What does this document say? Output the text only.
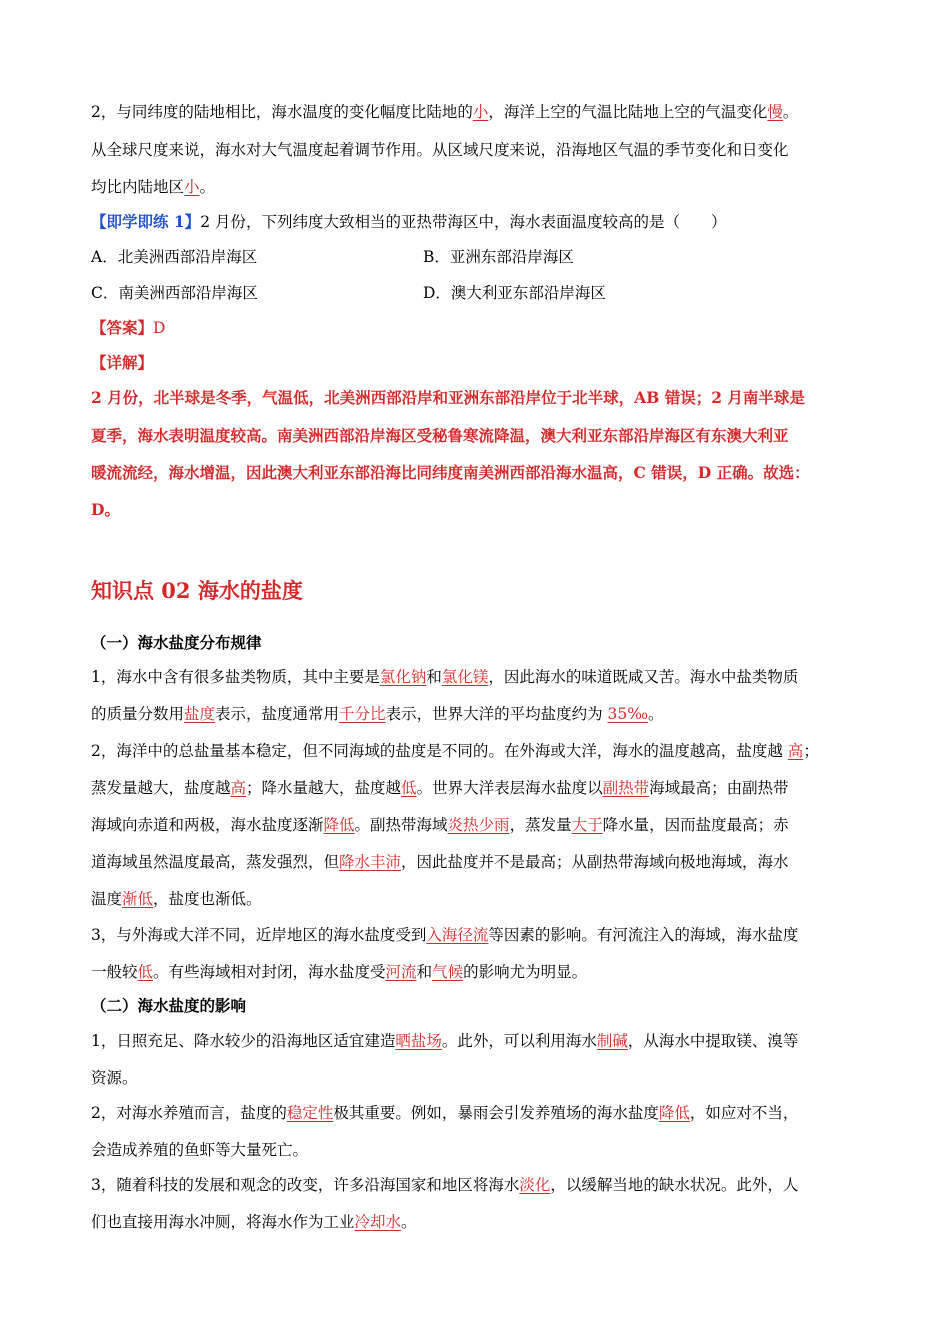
2，与同纬度的陆地相比，海水温度的变化幅度比陆地的小，海洋上空的气温比陆地上空的气温变化慢。
从全球尺度来说，海水对大气温度起着调节作用。从区域尺度来说，沿海地区气温的季节变化和日变化
均比内陆地区小。
【即学即练 1】2 月份，下列纬度大致相当的亚热带海区中，海水表面温度较高的是（　　）
A．北美洲西部沿岸海区	B．亚洲东部沿岸海区
C．南美洲西部沿岸海区	D．澳大利亚东部沿岸海区
【答案】D
【详解】
2 月份，北半球是冬季，气温低，北美洲西部沿岸和亚洲东部沿岸位于北半球，AB 错误；2 月南半球是
夏季，海水表明温度较高。南美洲西部沿岸海区受秘鲁寒流降温，澳大利亚东部沿岸海区有东澳大利亚
暖流流经，海水增温，因此澳大利亚东部沿海比同纬度南美洲西部沿海水温高，C 错误，D 正确。故选：
D。
知识点 02 海水的盐度
（一）海水盐度分布规律
1，海水中含有很多盐类物质，其中主要是氯化钠和氯化镁，因此海水的味道既咸又苦。海水中盐类物质
的质量分数用盐度表示，盐度通常用千分比表示，世界大洋的平均盐度约为 35‰。
2，海洋中的总盐量基本稳定，但不同海域的盐度是不同的。在外海或大洋，海水的温度越高，盐度越 高；
蒸发量越大，盐度越高；降水量越大，盐度越低。世界大洋表层海水盐度以副热带海域最高；由副热带
海域向赤道和两极，海水盐度逐渐降低。副热带海域炎热少雨，蒸发量大于降水量，因而盐度最高；赤
道海域虽然温度最高，蒸发强烈，但降水丰沛，因此盐度并不是最高；从副热带海域向极地海域，海水
温度渐低，盐度也渐低。
3，与外海或大洋不同，近岸地区的海水盐度受到入海径流等因素的影响。有河流注入的海域，海水盐度
一般较低。有些海域相对封闭，海水盐度受河流和气候的影响尤为明显。
（二）海水盐度的影响
1，日照充足、降水较少的沿海地区适宜建造晒盐场。此外，可以利用海水制碱，从海水中提取镁、溴等
资源。
2，对海水养殖而言，盐度的稳定性极其重要。例如，暴雨会引发养殖场的海水盐度降低，如应对不当，
会造成养殖的鱼虾等大量死亡。
3，随着科技的发展和观念的改变，许多沿海国家和地区将海水淡化，以缓解当地的缺水状况。此外，人
们也直接用海水冲厕，将海水作为工业冷却水。
